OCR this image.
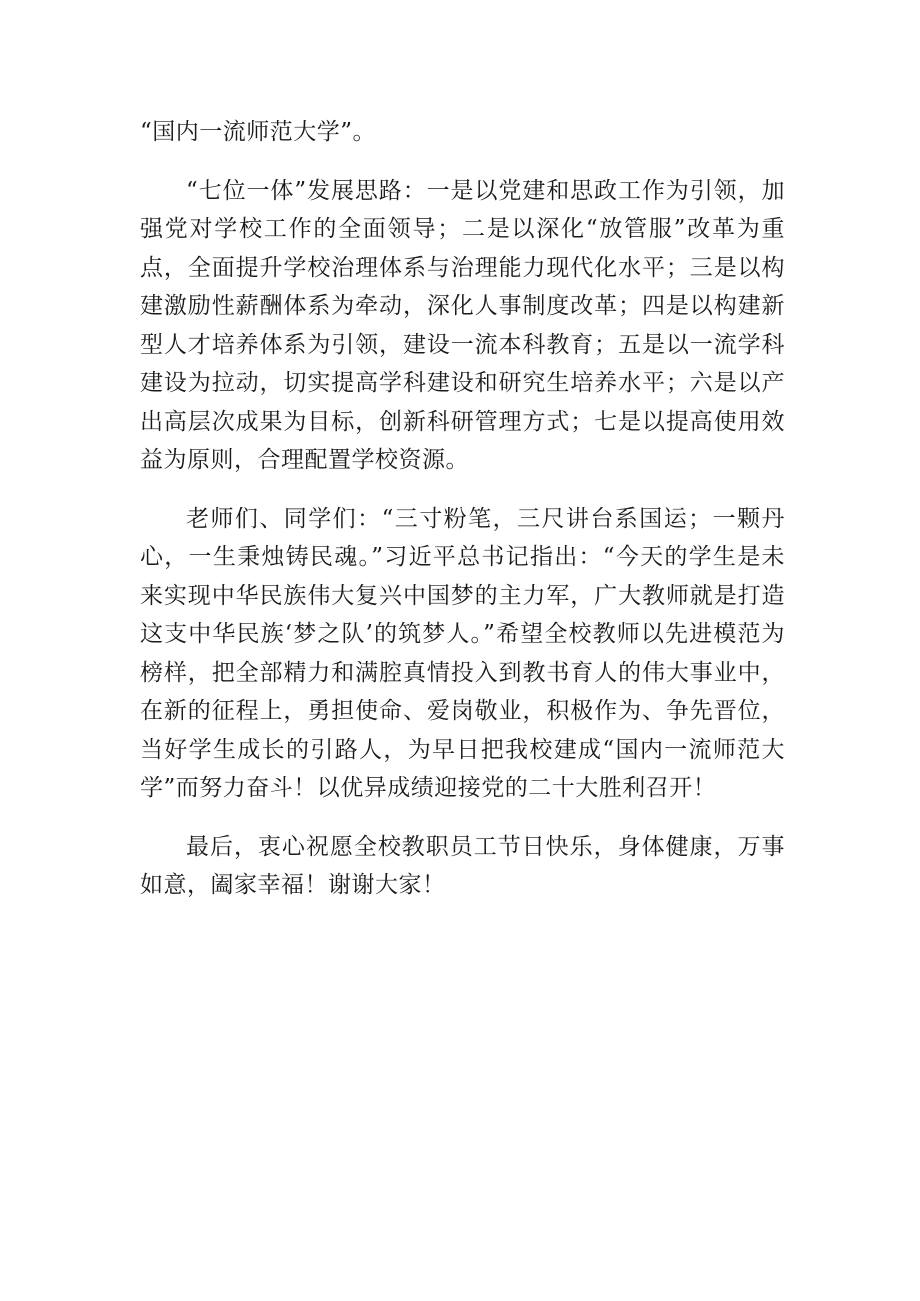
“国内一流师范大学”。

“七位一体”发展思路：一是以党建和思政工作为引领，加强党对学校工作的全面领导；二是以深化“放管服”改革为重点，全面提升学校治理体系与治理能力现代化水平；三是以构建激励性薪酬体系为牵动，深化人事制度改革；四是以构建新型人才培养体系为引领，建设一流本科教育；五是以一流学科建设为拉动，切实提高学科建设和研究生培养水平；六是以产出高层次成果为目标，创新科研管理方式；七是以提高使用效益为原则，合理配置学校资源。

老师们、同学们：“三寸粉笔，三尺讲台系国运；一颗丹心，一生秉烛铸民魂。”习近平总书记指出：“今天的学生是未来实现中华民族伟大复兴中国梦的主力军，广大教师就是打造这支中华民族‘梦之队’的筑梦人。”希望全校教师以先进模范为榜样，把全部精力和满腔真情投入到教书育人的伟大事业中，在新的征程上，勇担使命、爱岗敬业，积极作为、争先晋位，当好学生成长的引路人，为早日把我校建成“国内一流师范大学”而努力奋斗！以优异成绩迎接党的二十大胜利召开！

最后，衷心祝愿全校教职员工节日快乐，身体健康，万事如意，阖家幸福！谢谢大家！
